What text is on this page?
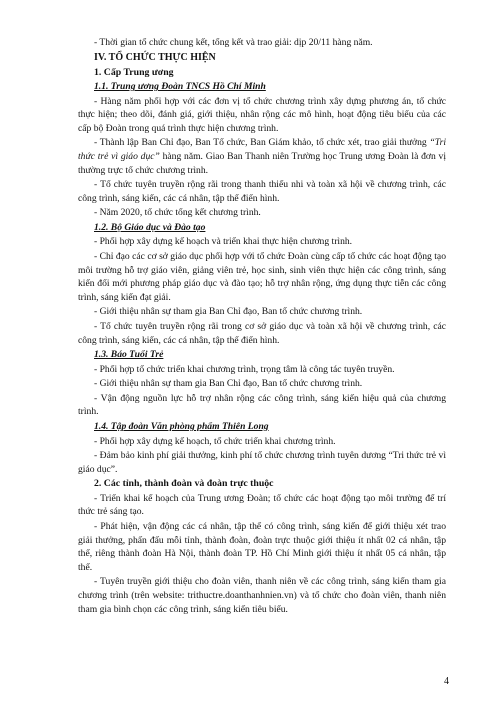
- Thời gian tổ chức chung kết, tổng kết và trao giải: dịp 20/11 hàng năm.

IV. TỔ CHỨC THỰC HIỆN

1. Cấp Trung ương

1.1. Trung ương Đoàn TNCS Hồ Chí Minh

- Hàng năm phối hợp với các đơn vị tổ chức chương trình xây dựng phương án, tổ chức thực hiện; theo dõi, đánh giá, giới thiệu, nhân rộng các mô hình, hoạt động tiêu biểu của các cấp bộ Đoàn trong quá trình thực hiện chương trình.

- Thành lập Ban Chỉ đạo, Ban Tổ chức, Ban Giám khảo, tổ chức xét, trao giải thưởng “Tri thức trẻ vì giáo dục” hàng năm. Giao Ban Thanh niên Trường học Trung ương Đoàn là đơn vị thường trực tổ chức chương trình.

- Tổ chức tuyên truyền rộng rãi trong thanh thiếu nhi và toàn xã hội về chương trình, các công trình, sáng kiến, các cá nhân, tập thể điển hình.

- Năm 2020, tổ chức tổng kết chương trình.

1.2. Bộ Giáo dục và Đào tạo

- Phối hợp xây dựng kế hoạch và triển khai thực hiện chương trình.

- Chỉ đạo các cơ sở giáo dục phối hợp với tổ chức Đoàn cùng cấp tổ chức các hoạt động tạo môi trường hỗ trợ giáo viên, giảng viên trẻ, học sinh, sinh viên thực hiện các công trình, sáng kiến đổi mới phương pháp giáo dục và đào tạo; hỗ trợ nhân rộng, ứng dụng thực tiễn các công trình, sáng kiến đạt giải.

- Giới thiệu nhân sự tham gia Ban Chỉ đạo, Ban tổ chức chương trình.

- Tổ chức tuyên truyền rộng rãi trong cơ sở giáo dục và toàn xã hội về chương trình, các công trình, sáng kiến, các cá nhân, tập thể điển hình.

1.3. Báo Tuổi Trẻ

- Phối hợp tổ chức triển khai chương trình, trọng tâm là công tác tuyên truyền.

- Giới thiệu nhân sự tham gia Ban Chỉ đạo, Ban tổ chức chương trình.

- Vận động nguồn lực hỗ trợ nhân rộng các công trình, sáng kiến hiệu quả của chương trình.

1.4. Tập đoàn Văn phòng phẩm Thiên Long

- Phối hợp xây dựng kế hoạch, tổ chức triển khai chương trình.

- Đảm bảo kinh phí giải thưởng, kinh phí tổ chức chương trình tuyên dương “Tri thức trẻ vì giáo dục”.

2. Các tỉnh, thành đoàn và đoàn trực thuộc

- Triển khai kế hoạch của Trung ương Đoàn; tổ chức các hoạt động tạo môi trường để trí thức trẻ sáng tạo.

- Phát hiện, vận động các cá nhân, tập thể có công trình, sáng kiến để giới thiệu xét trao giải thưởng, phấn đấu mỗi tỉnh, thành đoàn, đoàn trực thuộc giới thiệu ít nhất 02 cá nhân, tập thể, riêng thành đoàn Hà Nội, thành đoàn TP. Hồ Chí Minh giới thiệu ít nhất 05 cá nhân, tập thể.

- Tuyên truyền giới thiệu cho đoàn viên, thanh niên về các công trình, sáng kiến tham gia chương trình (trên website: trithuctre.doanthanhnien.vn) và tổ chức cho đoàn viên, thanh niên tham gia bình chọn các công trình, sáng kiến tiêu biểu.

4
